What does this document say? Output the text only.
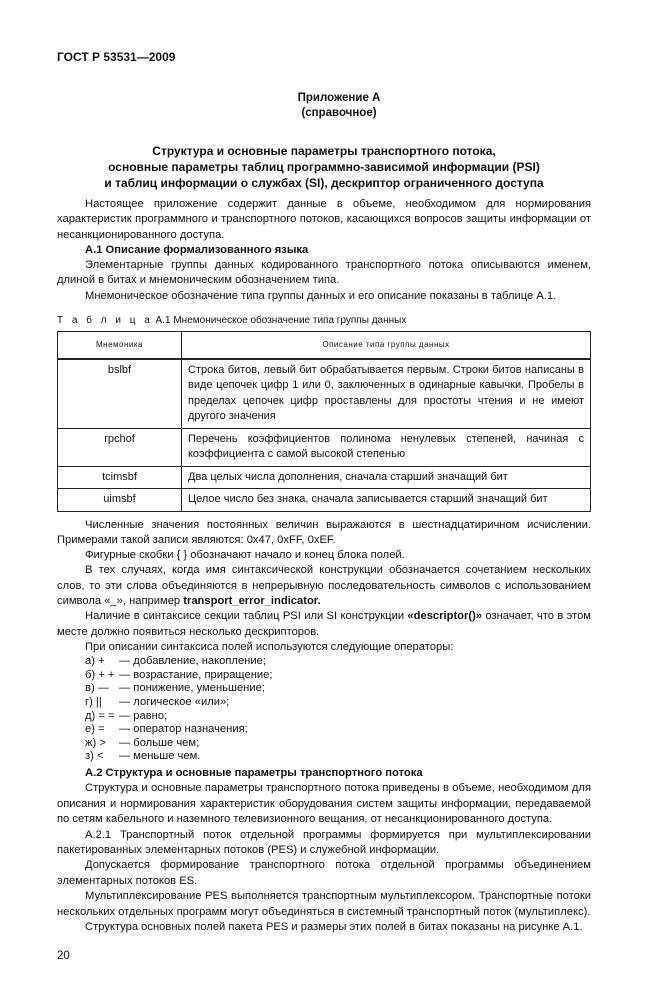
ГОСТ Р 53531—2009
Приложение А
(справочное)
Структура и основные параметры транспортного потока,
основные параметры таблиц программно-зависимой информации (PSI)
и таблиц информации о службах (SI), дескриптор ограниченного доступа

Настоящее приложение содержит данные в объеме, необходимом для нормирования характеристик программного и транспортного потоков, касающихся вопросов защиты информации от несанкционированного доступа.

А.1 Описание формализованного языка

Элементарные группы данных кодированного транспортного потока описываются именем, длиной в битах и мнемоническим обозначением типа.

Мнемоническое обозначение типа группы данных и его описание показаны в таблице А.1.

Т а б л и ц а А.1 Мнемоническое обозначение типа группы данных
Мнемоника	Описание типа группы данных
bslbf	Строка битов, левый бит обрабатывается первым. Строки битов написаны в виде цепочек цифр 1 или 0, заключенных в одинарные кавычки. Пробелы в пределах цепочек цифр проставлены для простоты чтения и не имеют другого значения
rpchof	Перечень коэффициентов полинома ненулевых степеней, начиная с коэффициента с самой высокой степенью
tcimsbf	Два целых числа дополнения, сначала старший значащий бит
uimsbf	Целое число без знака, сначала записывается старший значащий бит

Численные значения постоянных величин выражаются в шестнадцатиричном исчислении. Примерами такой записи являются: 0x47, 0xFF, 0xEF.

Фигурные скобки { } обозначают начало и конец блока полей.

В тех случаях, когда имя синтаксической конструкции обозначается сочетанием нескольких слов, то эти слова объединяются в непрерывную последовательность символов с использованием символа «_», например transport_error_indicator.

Наличие в синтаксисе секции таблиц PSI или SI конструкции «descriptor()» означает, что в этом месте должно появиться несколько дескрипторов.

При описании синтаксиса полей используются следующие операторы:

а) + — добавление, накопление;
б) + + — возрастание, приращение;
в) — — понижение, уменьшение;
г) || — логическое «или»;
д) = = — равно;
е) = — оператор назначения;
ж) > — больше чем;
з) < — меньше чем.

А.2 Структура и основные параметры транспортного потока

Структура и основные параметры транспортного потока приведены в объеме, необходимом для описания и нормирования характеристик оборудования систем защиты информации, передаваемой по сетям кабельного и наземного телевизионного вещания, от несанкционированного доступа.

А.2.1 Транспортный поток отдельной программы формируется при мультиплексировании пакетированных элементарных потоков (PES) и служебной информации.

Допускается формирование транспортного потока отдельной программы объединением элементарных потоков ES.

Мультиплексирование PES выполняется транспортным мультиплексором. Транспортные потоки нескольких отдельных программ могут объединяться в системный транспортный поток (мультиплекс).

Структура основных полей пакета PES и размеры этих полей в битах показаны на рисунке А.1.

20
